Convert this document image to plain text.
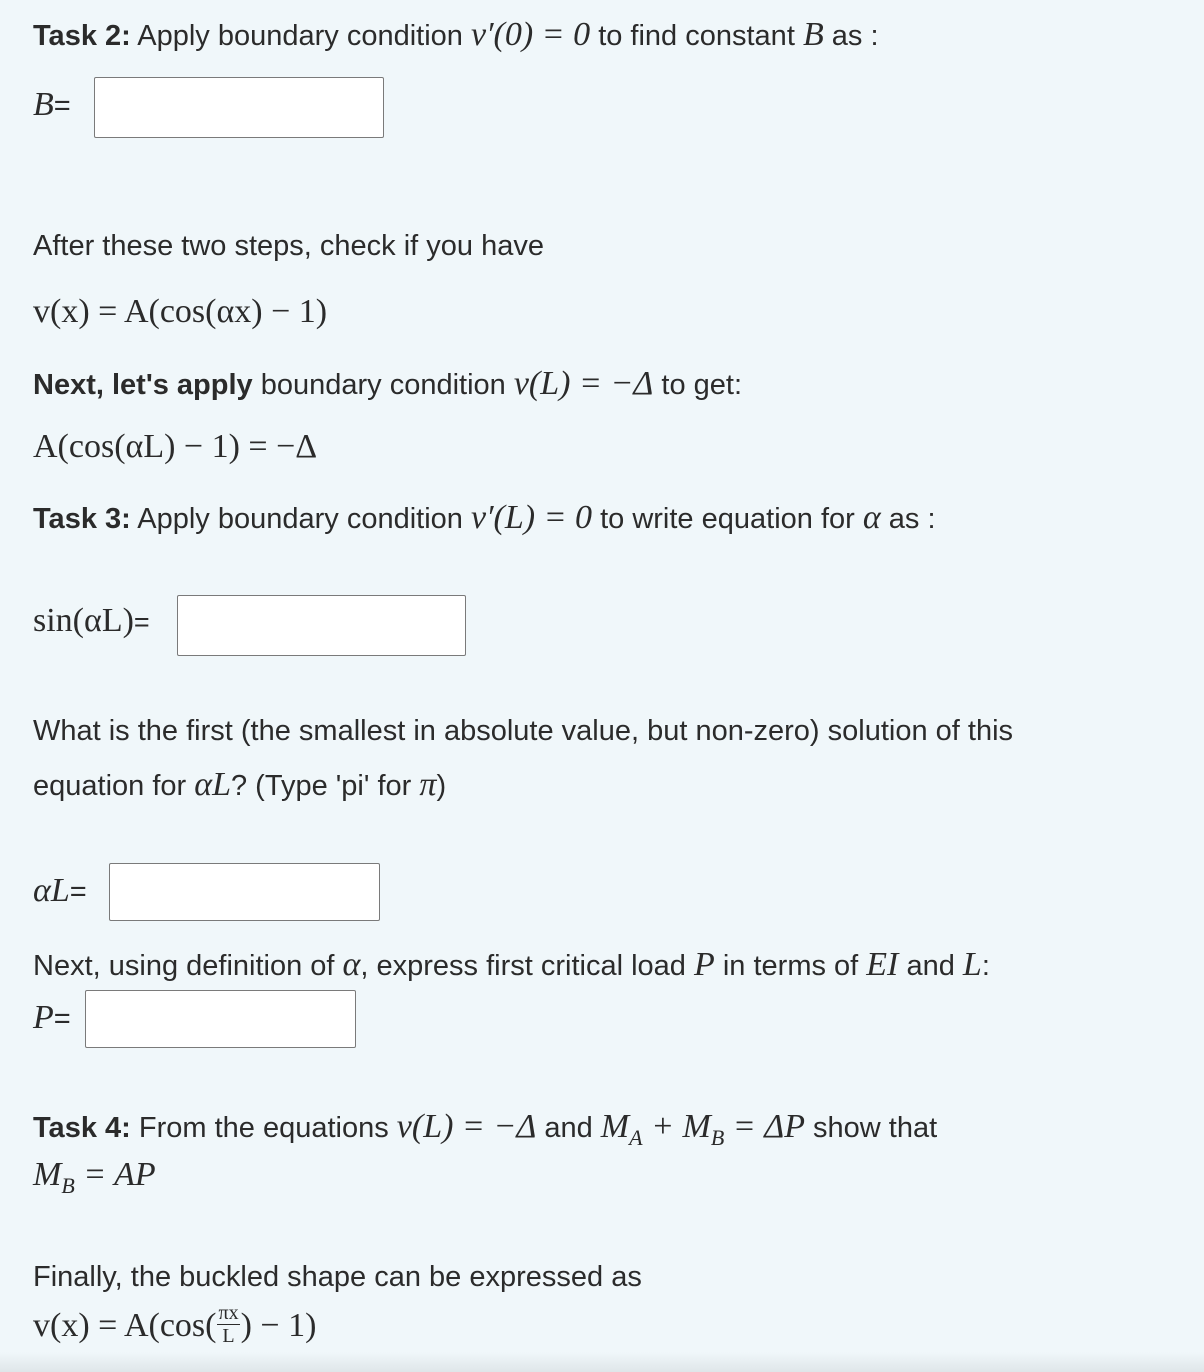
Task 2: Apply boundary condition v′(0) = 0 to find constant B as :
B=
After these two steps, check if you have
v(x) = A(cos(αx) − 1)
Next, let's apply boundary condition v(L) = −Δ to get:
A(cos(αL) − 1) = −Δ
Task 3: Apply boundary condition v′(L) = 0 to write equation for α as :
sin(αL)=
What is the first (the smallest in absolute value, but non-zero) solution of this
equation for αL? (Type 'pi' for π)
αL=
Next, using definition of α, express first critical load P in terms of EI and L:
P=
Task 4: From the equations v(L) = −Δ and $M_A + M_B = \Delta P$ show that
$M_B$ = AP
Finally, the buckled shape can be expressed as
$v(x) = A(\cos( \frac{\pi x}{L}$ ) − 1)
